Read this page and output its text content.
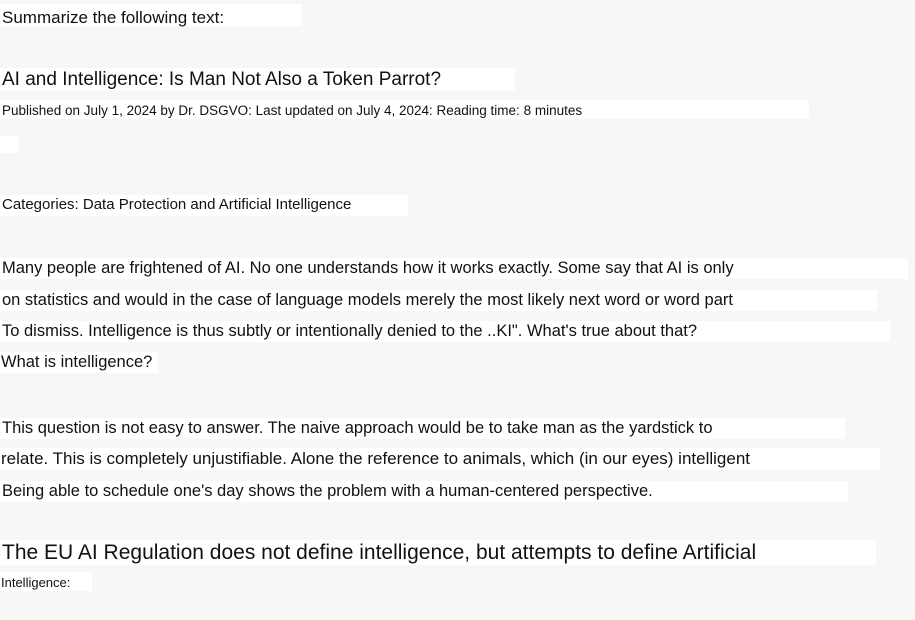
Summarize the following text:
AI and Intelligence: Is Man Not Also a Token Parrot?
Published on July 1, 2024 by Dr. DSGVO: Last updated on July 4, 2024: Reading time: 8 minutes
Categories: Data Protection and Artificial Intelligence
Many people are frightened of AI. No one understands how it works exactly. Some say that AI is only
on statistics and would in the case of language models merely the most likely next word or word part
To dismiss. Intelligence is thus subtly or intentionally denied to the ..KI". What's true about that?
What is intelligence?
This question is not easy to answer. The naive approach would be to take man as the yardstick to
relate. This is completely unjustifiable. Alone the reference to animals, which (in our eyes) intelligent
Being able to schedule one's day shows the problem with a human-centered perspective.
The EU AI Regulation does not define intelligence, but attempts to define Artificial
Intelligence:
